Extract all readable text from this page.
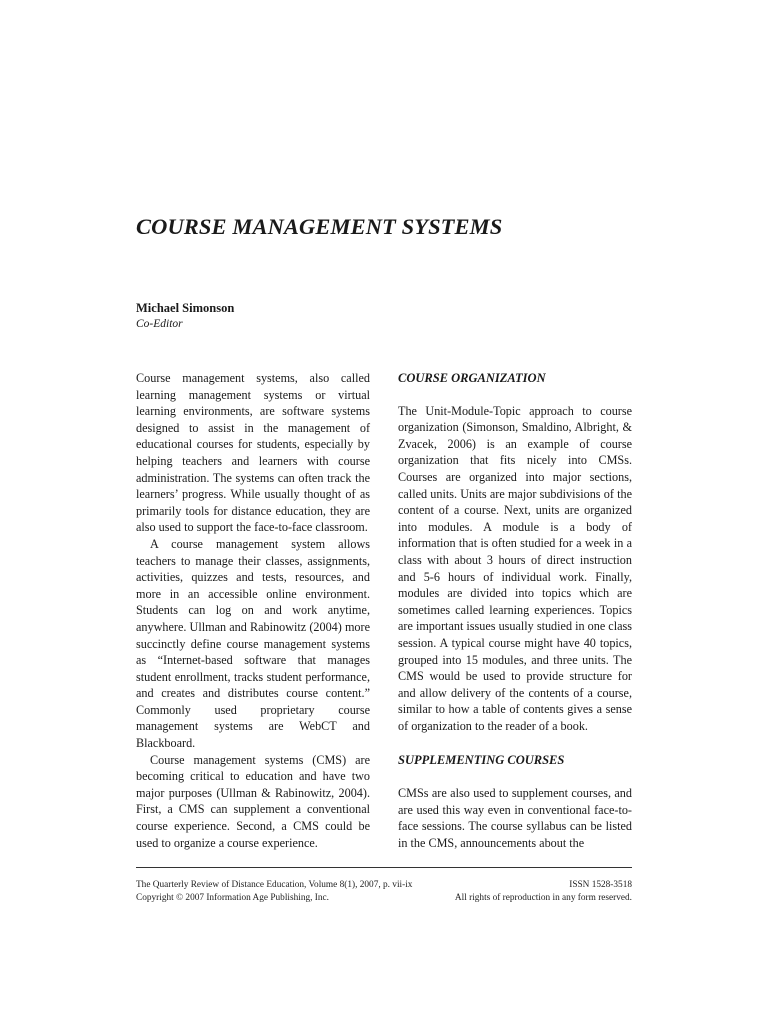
COURSE MANAGEMENT SYSTEMS
Michael Simonson
Co-Editor

Course management systems, also called learning management systems or virtual learning environments, are software systems designed to assist in the management of educational courses for students, especially by helping teachers and learners with course administration. The systems can often track the learners’ progress. While usually thought of as primarily tools for distance education, they are also used to support the face-to-face classroom.

A course management system allows teachers to manage their classes, assignments, activities, quizzes and tests, resources, and more in an accessible online environment. Students can log on and work anytime, anywhere. Ullman and Rabinowitz (2004) more succinctly define course management systems as “Internet-based software that manages student enrollment, tracks student performance, and creates and distributes course content.” Commonly used proprietary course management systems are WebCT and Blackboard.

Course management systems (CMS) are becoming critical to education and have two major purposes (Ullman & Rabinowitz, 2004). First, a CMS can supplement a conventional course experience. Second, a CMS could be used to organize a course experience.

COURSE ORGANIZATION

The Unit-Module-Topic approach to course organization (Simonson, Smaldino, Albright, & Zvacek, 2006) is an example of course organization that fits nicely into CMSs. Courses are organized into major sections, called units. Units are major subdivisions of the content of a course. Next, units are organized into modules. A module is a body of information that is often studied for a week in a class with about 3 hours of direct instruction and 5-6 hours of individual work. Finally, modules are divided into topics which are sometimes called learning experiences. Topics are important issues usually studied in one class session. A typical course might have 40 topics, grouped into 15 modules, and three units. The CMS would be used to provide structure for and allow delivery of the contents of a course, similar to how a table of contents gives a sense of organization to the reader of a book.

SUPPLEMENTING COURSES

CMSs are also used to supplement courses, and are used this way even in conventional face-to-face sessions. The course syllabus can be listed in the CMS, announcements about the

The Quarterly Review of Distance Education, Volume 8(1), 2007, p. vii-ix	ISSN 1528-3518
Copyright © 2007 Information Age Publishing, Inc.	All rights of reproduction in any form reserved.
